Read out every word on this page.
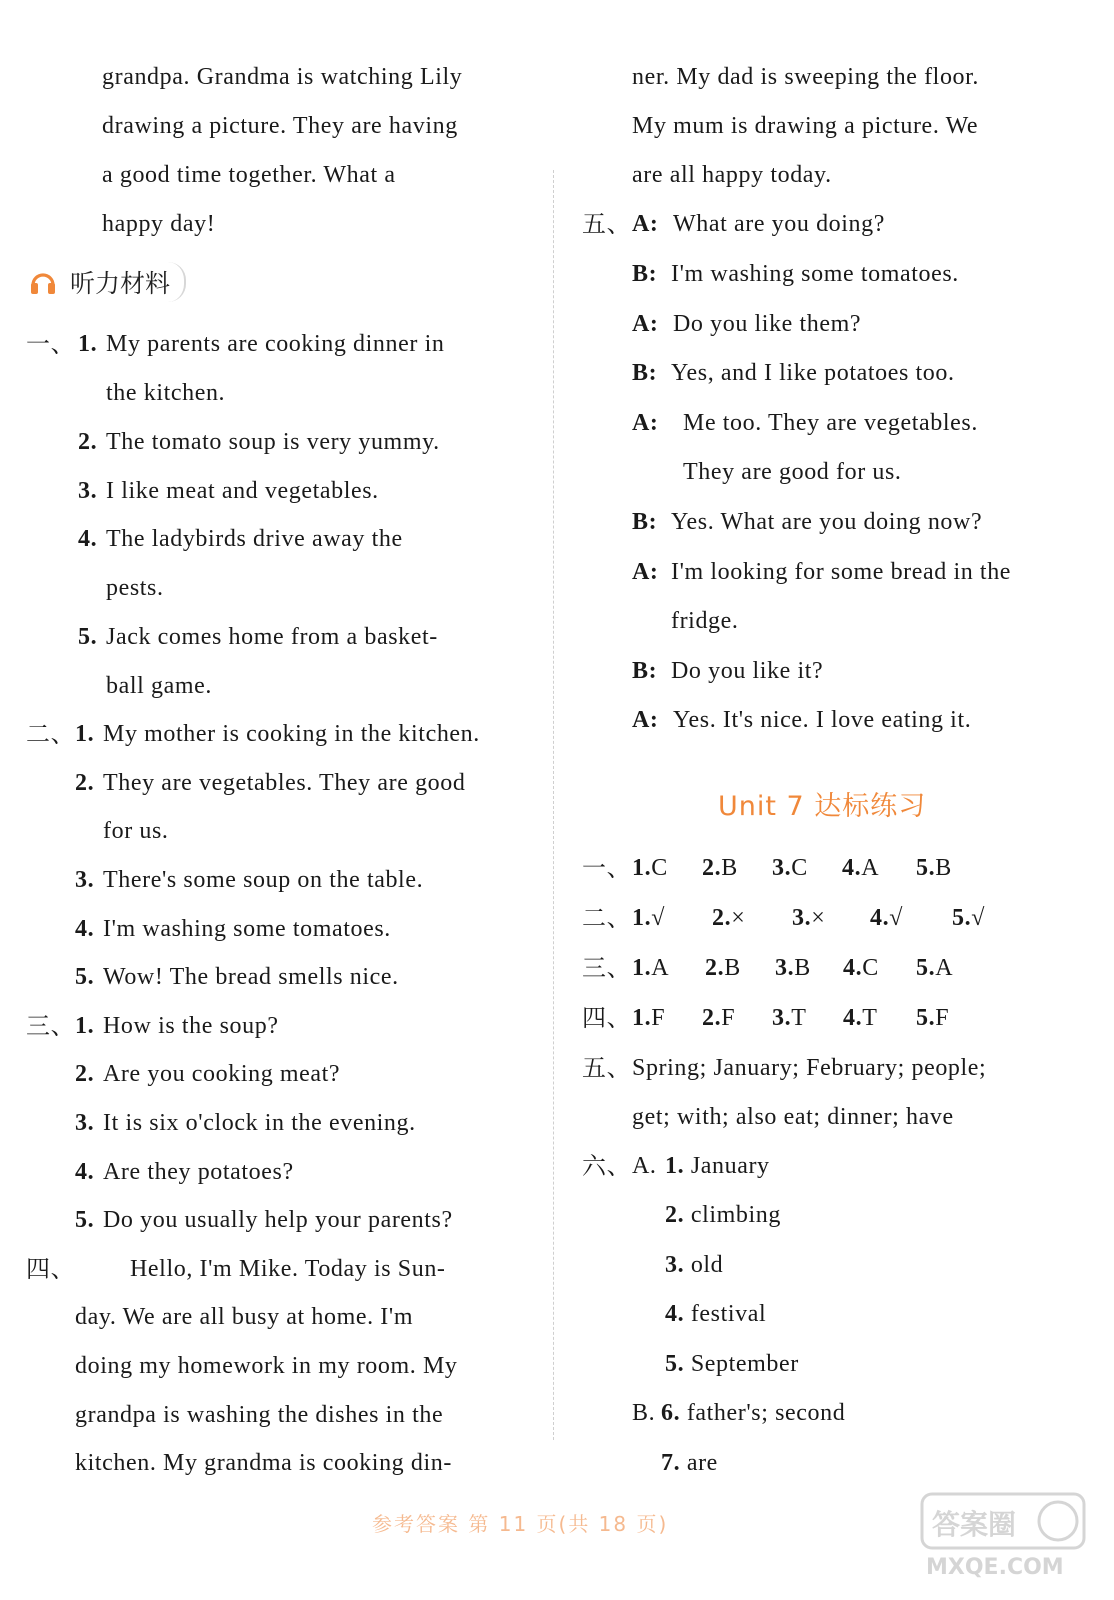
grandpa. Grandma is watching Lily
drawing a picture. They are having
a good time together. What a
happy day!
听力材料
一、 1. My parents are cooking dinner in
the kitchen.
2. The tomato soup is very yummy.
3. I like meat and vegetables.
4. The ladybirds drive away the
pests.
5. Jack comes home from a basket-
ball game.
二、 1. My mother is cooking in the kitchen.
2. They are vegetables. They are good
for us.
3. There's some soup on the table.
4. I'm washing some tomatoes.
5. Wow! The bread smells nice.
三、 1. How is the soup?
2. Are you cooking meat?
3. It is six o'clock in the evening.
4. Are they potatoes?
5. Do you usually help your parents?
四、 Hello, I'm Mike. Today is Sun-
day. We are all busy at home. I'm
doing my homework in my room. My
grandpa is washing the dishes in the
kitchen. My grandma is cooking din-
ner. My dad is sweeping the floor.
My mum is drawing a picture. We
are all happy today.
五、 A: What are you doing?
B: I'm washing some tomatoes.
A: Do you like them?
B: Yes, and I like potatoes too.
A: Me too. They are vegetables.
They are good for us.
B: Yes. What are you doing now?
A: I'm looking for some bread in the
fridge.
B: Do you like it?
A: Yes. It's nice. I love eating it.
Unit 7 达标练习
一、 1.C 2.B 3.C 4.A 5.B
二、 1.√ 2.× 3.× 4.√ 5.√
三、 1.A 2.B 3.B 4.C 5.A
四、 1.F 2.F 3.T 4.T 5.F
五、 Spring; January; February; people;
get; with; also eat; dinner; have
六、 A. 1. January
2. climbing
3. old
4. festival
5. September
B. 6. father's; second
7. are
参考答案 第 11 页(共 18 页)	答案圈
MXQE.COM
